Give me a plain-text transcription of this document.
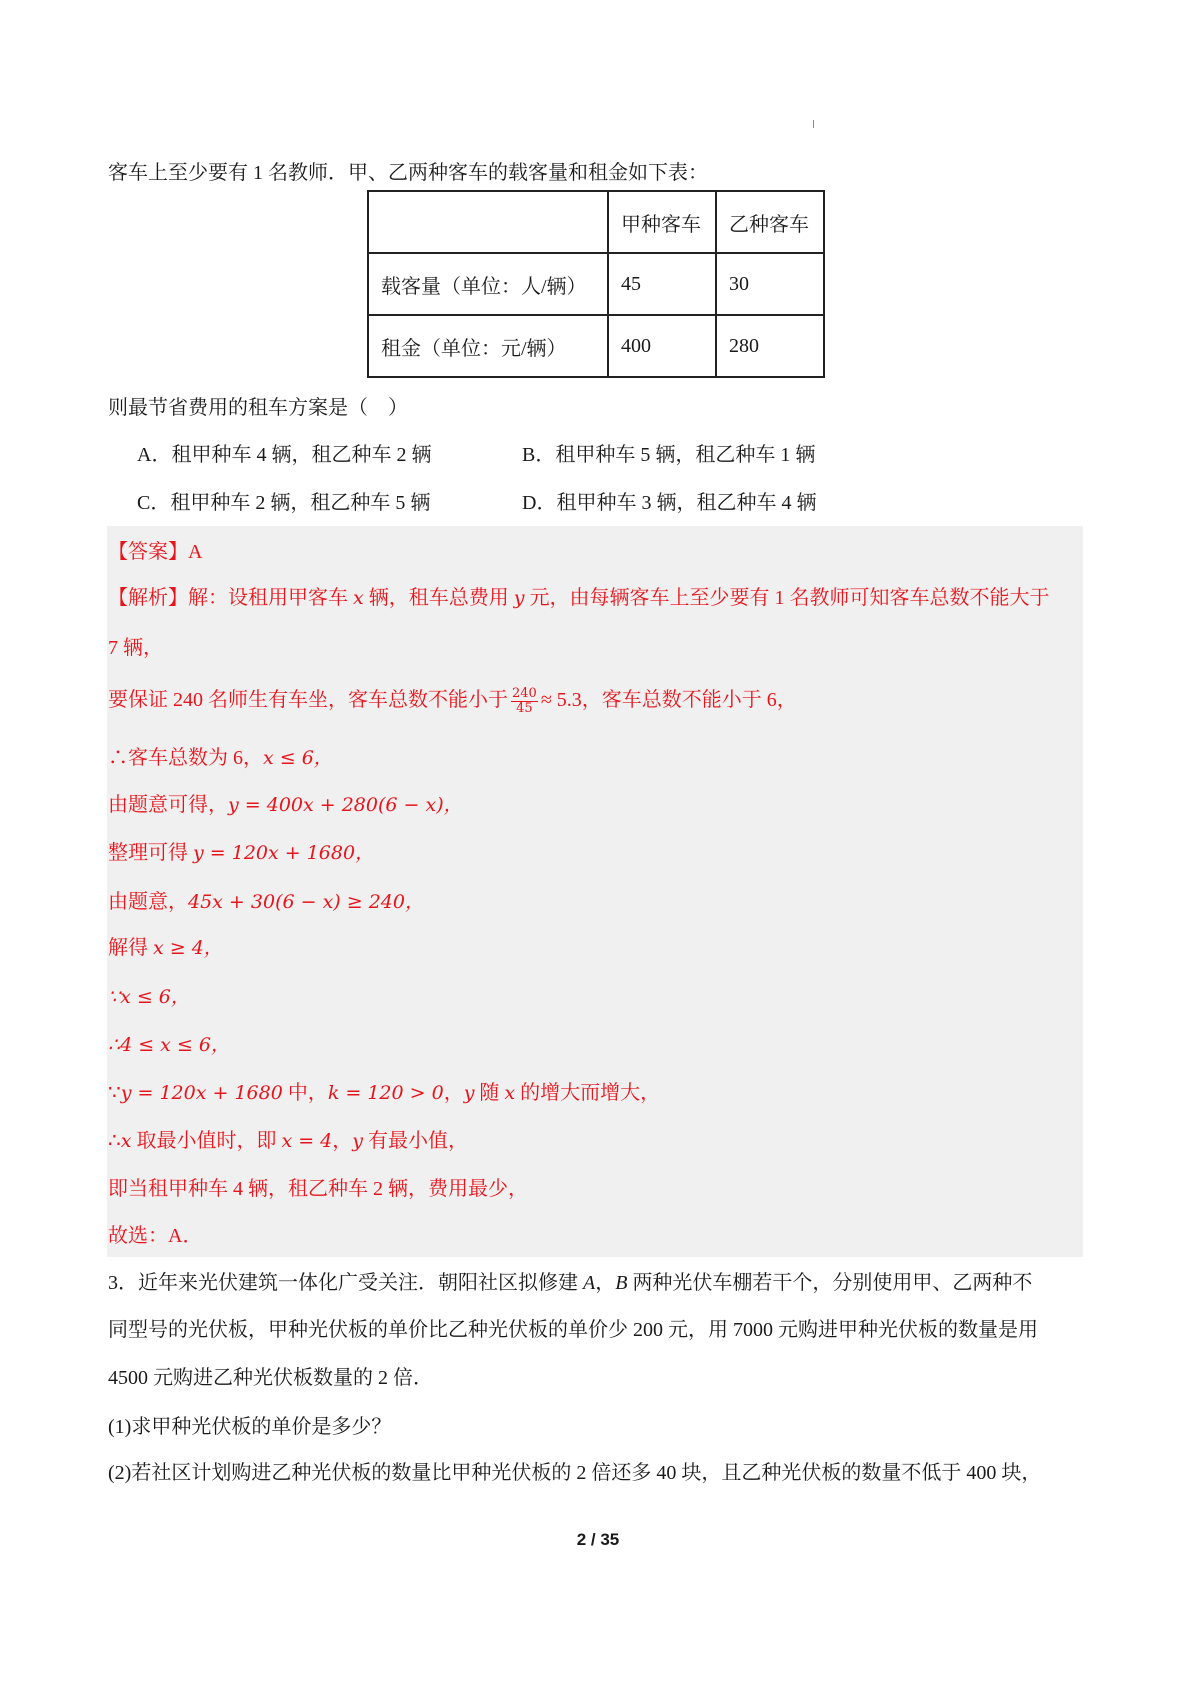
客车上至少要有 1 名教师．甲、乙两种客车的载客量和租金如下表：
	甲种客车	乙种客车
载客量（单位：人/辆）	45	30
租金（单位：元/辆）	400	280
则最节省费用的租车方案是（　）
A．租甲种车 4 辆，租乙种车 2 辆	B．租甲种车 5 辆，租乙种车 1 辆
C．租甲种车 2 辆，租乙种车 5 辆	D．租甲种车 3 辆，租乙种车 4 辆
【答案】A
【解析】解：设租用甲客车 x 辆，租车总费用 y 元，由每辆客车上至少要有 1 名教师可知客车总数不能大于
7 辆，
要保证 240 名师生有车坐，客车总数不能小于 $\frac{240}{45} \approx 5.3$，客车总数不能小于 6，
∴客车总数为 6，x ≤ 6，
由题意可得，y = 400x + 280(6 − x)，
整理可得 y = 120x + 1680，
由题意，45x + 30(6 − x) ≥ 240，
解得 x ≥ 4，
∵x ≤ 6，
∴4 ≤ x ≤ 6，
∵y = 120x + 1680 中，k = 120 > 0，y 随 x 的增大而增大，
∴x 取最小值时，即 x = 4，y 有最小值，
即当租甲种车 4 辆，租乙种车 2 辆，费用最少，
故选：A．
3．近年来光伏建筑一体化广受关注．朝阳社区拟修建 A，B 两种光伏车棚若干个，分别使用甲、乙两种不
同型号的光伏板，甲种光伏板的单价比乙种光伏板的单价少 200 元，用 7000 元购进甲种光伏板的数量是用
4500 元购进乙种光伏板数量的 2 倍．
(1)求甲种光伏板的单价是多少？
(2)若社区计划购进乙种光伏板的数量比甲种光伏板的 2 倍还多 40 块，且乙种光伏板的数量不低于 400 块，
2 / 35
